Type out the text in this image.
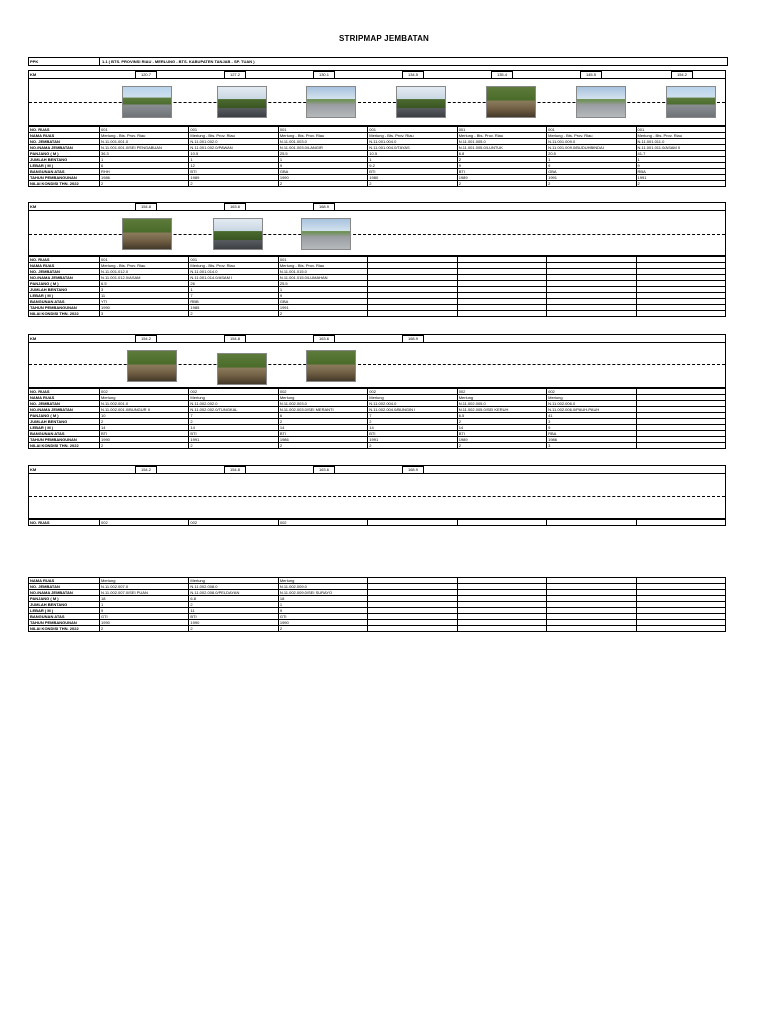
STRIPMAP JEMBATAN
PPK	1.1 ( BTS. PROVINSI RIAU - MERLUNG - BTS. KABUPATEN TANJAB - SP. TUAN )
KM	120.7	127.2	130.1	134.5	135.4	145.5	154.2
NO. RUAS	001	001	001	001	001	001	001
NAMA RUAS	Merlung - Bts. Prov. Riau	Merlung - Bts. Prov. Riau	Merlung - Bts. Prov. Riau	Merlung - Bts. Prov. Riau	Merlung - Bts. Prov. Riau	Merlung - Bts. Prov. Riau	Merlung - Bts. Prov. Riau
NO. JEMBATAN	N.11.001.001.0	N.11.001.002.0	N.11.001.003.0	N.11.001.004.0	N.11.001.005.0	N.11.001.009.0	N.11.001.011.0
NO./NAMA JEMBATAN	N.11.001.001.0/SEI PENGABUAN	N.11.001.002.0/PAWAN	N.11.001.003.0/LANGIR	N.11.001.004.0/TAYAS	N.11.001.005.0/LUNTUK	N.11.001.009.0/BUDUHBINDAI	N.11.001.011.0/ASAM II
PANJANG ( M )	36.3	10.5	25.5	10.5	6.8	20.5	41.7
JUMLAH BENTANG	1	1	1	1	2	1	1
LEBAR ( M )	6	12	9	9.2	9	9	9
BANGUNAN ATAS	RHH	BTI	GBA	BTI	BTI	GBA	RBA
TAHUN PEMBANGUNAN	1986	1989	1990	1980	1989	1991	1991
NILAI KONDISI THN. 2022	2	2	2	2	2	2	2
KM	154.8	163.6	168.9
NO. RUAS	001	001	001				
NAMA RUAS	Merlung - Bts. Prov. Riau	Merlung - Bts. Prov. Riau	Merlung - Bts. Prov. Riau				
NO. JEMBATAN	N.11.001.012.0	N.11.001.014.0	N.11.001.015.0				
NO./NAMA JEMBATAN	N.11.001.012.0/ASAM	N.11.001.014.0/ASAM I	N.11.001.015.0/LUMAHAN				
PANJANG ( M )	6.5	26	25.5				
JUMLAH BENTANG	3	1	1				
LEBAR ( M )	11	7	9				
BANGUNAN ATAS	YTI	RBB	GBA				
TAHUN PEMBANGUNAN	1990	1985	1991				
NILAI KONDISI THN. 2022	3	2	2				
KM	154.2	154.8	163.6	168.9
NO. RUAS	002	002	002	002	002	002	
NAMA RUAS	Merlung	Merlung	Merlung	Merlung	Merlung	Merlung	
NO. JEMBATAN	N.11.002.001.0	N.11.002.002.0	N.11.002.003.0	N.11.002.004.0	N.11.002.005.0	N.11.002.006.0	
NO./NAMA JEMBATAN	N.11.002.001.0/BUNGUR II	N.11.002.002.0/TUNGKAL	N.11.002.003.0/SEI MERANTI	N.11.002.004.0/BUNGIN I	N.11.002.005.0/SEI KERUH	N.11.002.006.0/PAUH-PAUH	
PANJANG ( M )	10	7	6	7	6.5	41	
JUMLAH BENTANG	2	2	2	2	2	3	
LEBAR ( M )	14	14	14	14	14	9	
BANGUNAN ATAS	BTI	BTI	BTI	BTI	BTI	RBA	
TAHUN PEMBANGUNAN	1990	1991	1986	1991	1989	1986	
NILAI KONDISI THN. 2022	2	2	2	2	2	3	
KM	154.2	154.8	163.6	168.9
NO. RUAS	002	002	002				
NAMA RUAS	Merlung	Merlung	Merlung				
NO. JEMBATAN	N.11.002.007.0	N.11.002.008.0	N.11.002.009.0				
NO./NAMA JEMBATAN	N.11.002.007.0/SEI PUAN	N.11.002.008.0/PELDAYAN	N.11.002.009.0/SEI SURAYO				
PANJANG ( M )	18	6.8	18				
JUMLAH BENTANG	1	2	1				
LEBAR ( M )	9	11	9				
BANGUNAN ATAS	GTI	BTI	GTI				
TAHUN PEMBANGUNAN	1990	1990	1990				
NILAI KONDISI THN. 2022	2	2	2				
